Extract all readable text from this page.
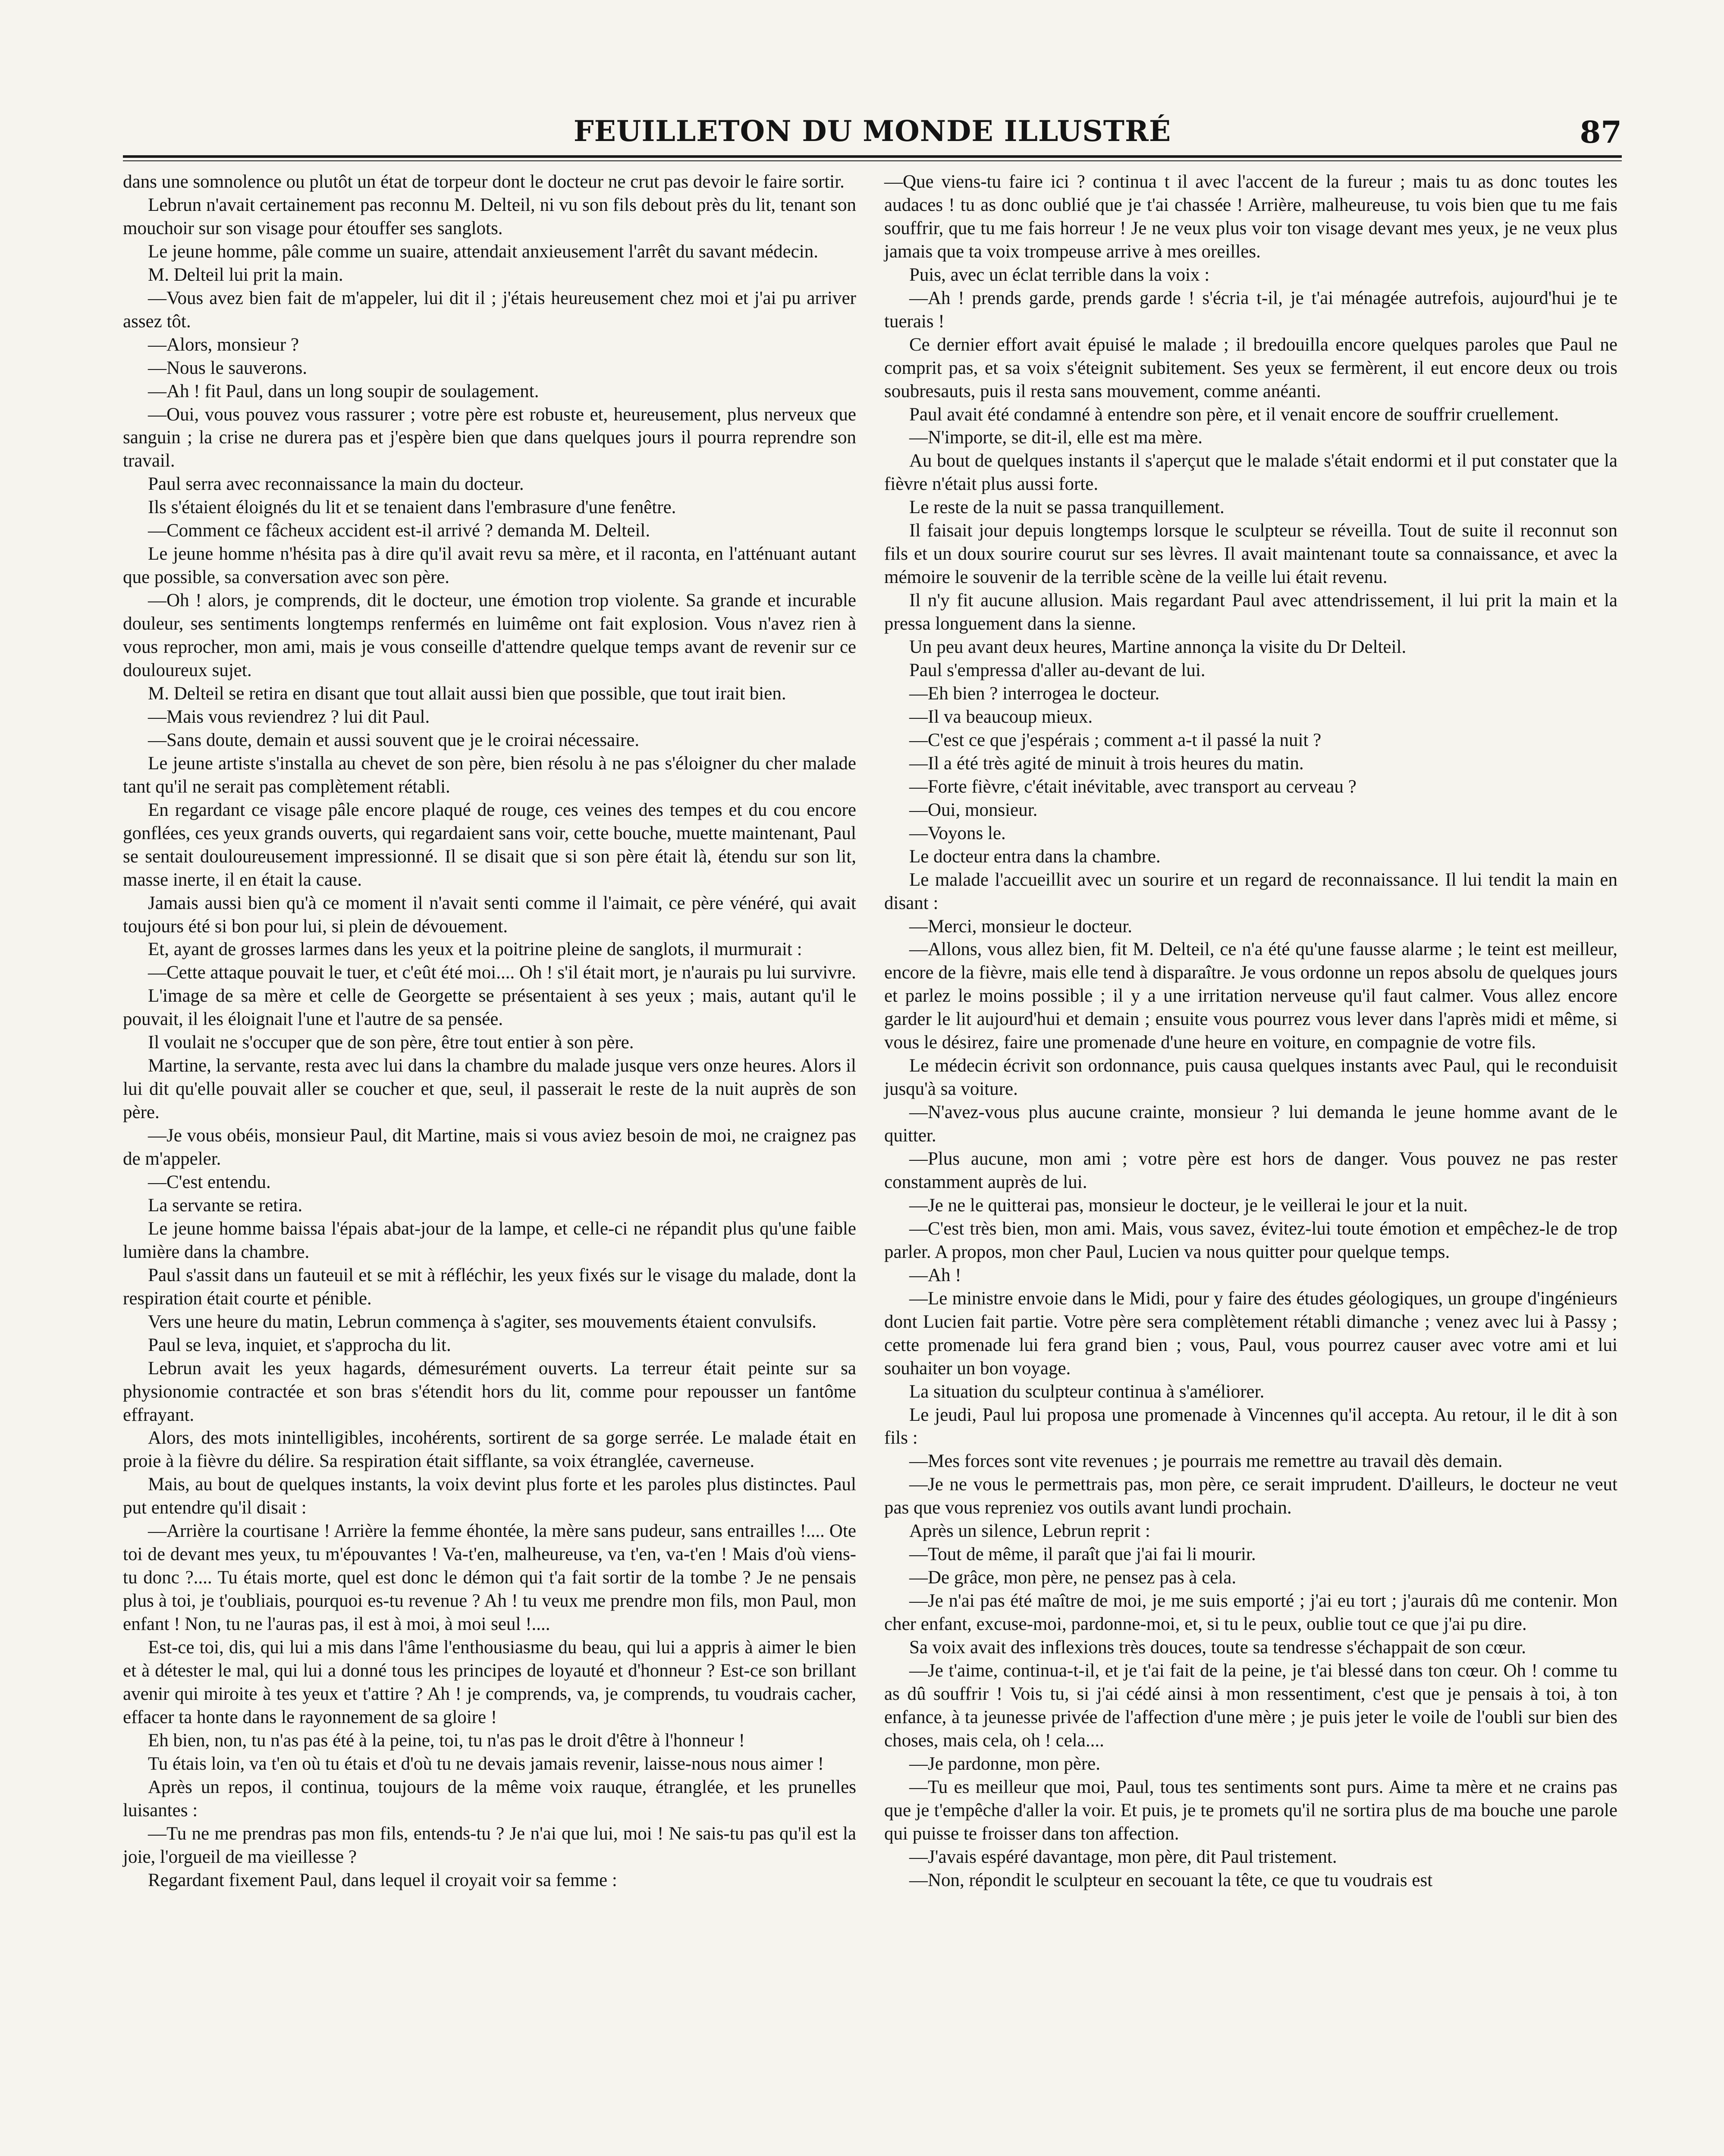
FEUILLETON DU MONDE ILLUSTRÉ	87

dans une somnolence ou plutôt un état de torpeur dont le docteur ne crut pas devoir le faire sortir.

Lebrun n'avait certainement pas reconnu M. Delteil, ni vu son fils debout près du lit, tenant son mouchoir sur son visage pour étouffer ses sanglots.

Le jeune homme, pâle comme un suaire, attendait anxieusement l'arrêt du savant médecin.

M. Delteil lui prit la main.

—Vous avez bien fait de m'appeler, lui dit il ; j'étais heureusement chez moi et j'ai pu arriver assez tôt.

—Alors, monsieur ?

—Nous le sauverons.

—Ah ! fit Paul, dans un long soupir de soulagement.

—Oui, vous pouvez vous rassurer ; votre père est robuste et, heureusement, plus nerveux que sanguin ; la crise ne durera pas et j'espère bien que dans quelques jours il pourra reprendre son travail.

Paul serra avec reconnaissance la main du docteur.

Ils s'étaient éloignés du lit et se tenaient dans l'embrasure d'une fenêtre.

—Comment ce fâcheux accident est-il arrivé ? demanda M. Delteil.

Le jeune homme n'hésita pas à dire qu'il avait revu sa mère, et il raconta, en l'atténuant autant que possible, sa conversation avec son père.

—Oh ! alors, je comprends, dit le docteur, une émotion trop violente. Sa grande et incurable douleur, ses sentiments longtemps renfermés en luimême ont fait explosion. Vous n'avez rien à vous reprocher, mon ami, mais je vous conseille d'attendre quelque temps avant de revenir sur ce douloureux sujet.

M. Delteil se retira en disant que tout allait aussi bien que possible, que tout irait bien.

—Mais vous reviendrez ? lui dit Paul.

—Sans doute, demain et aussi souvent que je le croirai nécessaire.

Le jeune artiste s'installa au chevet de son père, bien résolu à ne pas s'éloigner du cher malade tant qu'il ne serait pas complètement rétabli.

En regardant ce visage pâle encore plaqué de rouge, ces veines des tempes et du cou encore gonflées, ces yeux grands ouverts, qui regardaient sans voir, cette bouche, muette maintenant, Paul se sentait douloureusement impressionné. Il se disait que si son père était là, étendu sur son lit, masse inerte, il en était la cause.

Jamais aussi bien qu'à ce moment il n'avait senti comme il l'aimait, ce père vénéré, qui avait toujours été si bon pour lui, si plein de dévouement.

Et, ayant de grosses larmes dans les yeux et la poitrine pleine de sanglots, il murmurait :

—Cette attaque pouvait le tuer, et c'eût été moi.... Oh ! s'il était mort, je n'aurais pu lui survivre.

L'image de sa mère et celle de Georgette se présentaient à ses yeux ; mais, autant qu'il le pouvait, il les éloignait l'une et l'autre de sa pensée.

Il voulait ne s'occuper que de son père, être tout entier à son père.

Martine, la servante, resta avec lui dans la chambre du malade jusque vers onze heures. Alors il lui dit qu'elle pouvait aller se coucher et que, seul, il passerait le reste de la nuit auprès de son père.

—Je vous obéis, monsieur Paul, dit Martine, mais si vous aviez besoin de moi, ne craignez pas de m'appeler.

—C'est entendu.

La servante se retira.

Le jeune homme baissa l'épais abat-jour de la lampe, et celle-ci ne répandit plus qu'une faible lumière dans la chambre.

Paul s'assit dans un fauteuil et se mit à réfléchir, les yeux fixés sur le visage du malade, dont la respiration était courte et pénible.

Vers une heure du matin, Lebrun commença à s'agiter, ses mouvements étaient convulsifs.

Paul se leva, inquiet, et s'approcha du lit.

Lebrun avait les yeux hagards, démesurément ouverts. La terreur était peinte sur sa physionomie contractée et son bras s'étendit hors du lit, comme pour repousser un fantôme effrayant.

Alors, des mots inintelligibles, incohérents, sortirent de sa gorge serrée. Le malade était en proie à la fièvre du délire. Sa respiration était sifflante, sa voix étranglée, caverneuse.

Mais, au bout de quelques instants, la voix devint plus forte et les paroles plus distinctes. Paul put entendre qu'il disait :

—Arrière la courtisane ! Arrière la femme éhontée, la mère sans pudeur, sans entrailles !.... Ote toi de devant mes yeux, tu m'épouvantes ! Va-t'en, malheureuse, va t'en, va-t'en ! Mais d'où viens-tu donc ?.... Tu étais morte, quel est donc le démon qui t'a fait sortir de la tombe ? Je ne pensais plus à toi, je t'oubliais, pourquoi es-tu revenue ? Ah ! tu veux me prendre mon fils, mon Paul, mon enfant ! Non, tu ne l'auras pas, il est à moi, à moi seul !....

Est-ce toi, dis, qui lui a mis dans l'âme l'enthousiasme du beau, qui lui a appris à aimer le bien et à détester le mal, qui lui a donné tous les principes de loyauté et d'honneur ? Est-ce son brillant avenir qui miroite à tes yeux et t'attire ? Ah ! je comprends, va, je comprends, tu voudrais cacher, effacer ta honte dans le rayonnement de sa gloire !

Eh bien, non, tu n'as pas été à la peine, toi, tu n'as pas le droit d'être à l'honneur !

Tu étais loin, va t'en où tu étais et d'où tu ne devais jamais revenir, laisse-nous nous aimer !

Après un repos, il continua, toujours de la même voix rauque, étranglée, et les prunelles luisantes :

—Tu ne me prendras pas mon fils, entends-tu ? Je n'ai que lui, moi ! Ne sais-tu pas qu'il est la joie, l'orgueil de ma vieillesse ?

Regardant fixement Paul, dans lequel il croyait voir sa femme :

—Que viens-tu faire ici ? continua t il avec l'accent de la fureur ; mais tu as donc toutes les audaces ! tu as donc oublié que je t'ai chassée ! Arrière, malheureuse, tu vois bien que tu me fais souffrir, que tu me fais horreur ! Je ne veux plus voir ton visage devant mes yeux, je ne veux plus jamais que ta voix trompeuse arrive à mes oreilles.

Puis, avec un éclat terrible dans la voix :

—Ah ! prends garde, prends garde ! s'écria t-il, je t'ai ménagée autrefois, aujourd'hui je te tuerais !

Ce dernier effort avait épuisé le malade ; il bredouilla encore quelques paroles que Paul ne comprit pas, et sa voix s'éteignit subitement. Ses yeux se fermèrent, il eut encore deux ou trois soubresauts, puis il resta sans mouvement, comme anéanti.

Paul avait été condamné à entendre son père, et il venait encore de souffrir cruellement.

—N'importe, se dit-il, elle est ma mère.

Au bout de quelques instants il s'aperçut que le malade s'était endormi et il put constater que la fièvre n'était plus aussi forte.

Le reste de la nuit se passa tranquillement.

Il faisait jour depuis longtemps lorsque le sculpteur se réveilla. Tout de suite il reconnut son fils et un doux sourire courut sur ses lèvres. Il avait maintenant toute sa connaissance, et avec la mémoire le souvenir de la terrible scène de la veille lui était revenu.

Il n'y fit aucune allusion. Mais regardant Paul avec attendrissement, il lui prit la main et la pressa longuement dans la sienne.

Un peu avant deux heures, Martine annonça la visite du Dr Delteil.

Paul s'empressa d'aller au-devant de lui.

—Eh bien ? interrogea le docteur.

—Il va beaucoup mieux.

—C'est ce que j'espérais ; comment a-t il passé la nuit ?

—Il a été très agité de minuit à trois heures du matin.

—Forte fièvre, c'était inévitable, avec transport au cerveau ?

—Oui, monsieur.

—Voyons le.

Le docteur entra dans la chambre.

Le malade l'accueillit avec un sourire et un regard de reconnaissance. Il lui tendit la main en disant :

—Merci, monsieur le docteur.

—Allons, vous allez bien, fit M. Delteil, ce n'a été qu'une fausse alarme ; le teint est meilleur, encore de la fièvre, mais elle tend à disparaître. Je vous ordonne un repos absolu de quelques jours et parlez le moins possible ; il y a une irritation nerveuse qu'il faut calmer. Vous allez encore garder le lit aujourd'hui et demain ; ensuite vous pourrez vous lever dans l'après midi et même, si vous le désirez, faire une promenade d'une heure en voiture, en compagnie de votre fils.

Le médecin écrivit son ordonnance, puis causa quelques instants avec Paul, qui le reconduisit jusqu'à sa voiture.

—N'avez-vous plus aucune crainte, monsieur ? lui demanda le jeune homme avant de le quitter.

—Plus aucune, mon ami ; votre père est hors de danger. Vous pouvez ne pas rester constamment auprès de lui.

—Je ne le quitterai pas, monsieur le docteur, je le veillerai le jour et la nuit.

—C'est très bien, mon ami. Mais, vous savez, évitez-lui toute émotion et empêchez-le de trop parler. A propos, mon cher Paul, Lucien va nous quitter pour quelque temps.

—Ah !

—Le ministre envoie dans le Midi, pour y faire des études géologiques, un groupe d'ingénieurs dont Lucien fait partie. Votre père sera complètement rétabli dimanche ; venez avec lui à Passy ; cette promenade lui fera grand bien ; vous, Paul, vous pourrez causer avec votre ami et lui souhaiter un bon voyage.

La situation du sculpteur continua à s'améliorer.

Le jeudi, Paul lui proposa une promenade à Vincennes qu'il accepta. Au retour, il le dit à son fils :

—Mes forces sont vite revenues ; je pourrais me remettre au travail dès demain.

—Je ne vous le permettrais pas, mon père, ce serait imprudent. D'ailleurs, le docteur ne veut pas que vous repreniez vos outils avant lundi prochain.

Après un silence, Lebrun reprit :

—Tout de même, il paraît que j'ai fai li mourir.

—De grâce, mon père, ne pensez pas à cela.

—Je n'ai pas été maître de moi, je me suis emporté ; j'ai eu tort ; j'aurais dû me contenir. Mon cher enfant, excuse-moi, pardonne-moi, et, si tu le peux, oublie tout ce que j'ai pu dire.

Sa voix avait des inflexions très douces, toute sa tendresse s'échappait de son cœur.

—Je t'aime, continua-t-il, et je t'ai fait de la peine, je t'ai blessé dans ton cœur. Oh ! comme tu as dû souffrir ! Vois tu, si j'ai cédé ainsi à mon ressentiment, c'est que je pensais à toi, à ton enfance, à ta jeunesse privée de l'affection d'une mère ; je puis jeter le voile de l'oubli sur bien des choses, mais cela, oh ! cela....

—Je pardonne, mon père.

—Tu es meilleur que moi, Paul, tous tes sentiments sont purs. Aime ta mère et ne crains pas que je t'empêche d'aller la voir. Et puis, je te promets qu'il ne sortira plus de ma bouche une parole qui puisse te froisser dans ton affection.

—J'avais espéré davantage, mon père, dit Paul tristement.

—Non, répondit le sculpteur en secouant la tête, ce que tu voudrais est
